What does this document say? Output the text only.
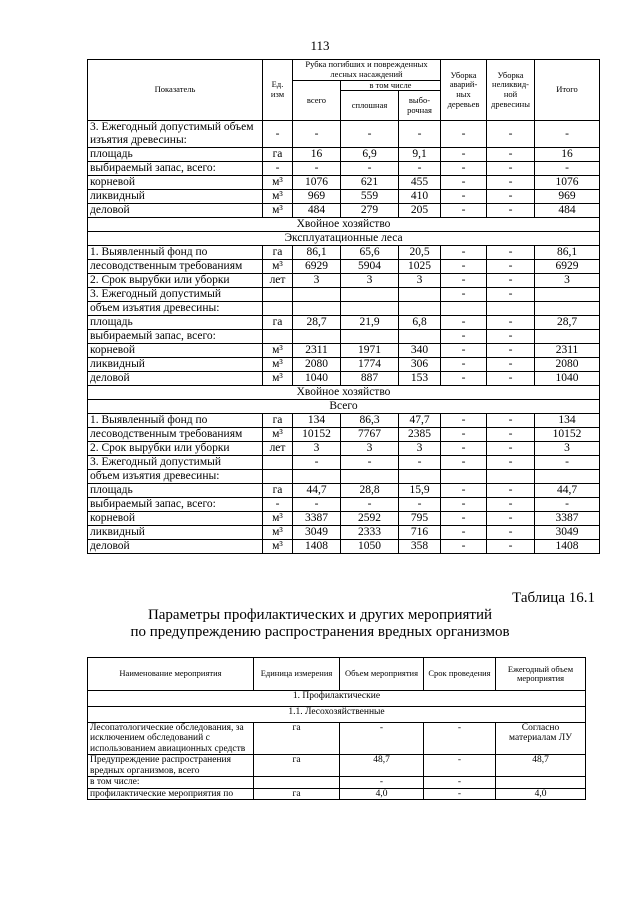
113
Показатель	Ед. изм	Рубка погибших и поврежденных лесных насаждений			Уборка аварий-ных деревьев	Уборка неликвид-ной древесины	Итого
		всего	в том числе				
			сплошная	выбо-рочная			
3. Ежегодный допустимый объем изъятия древесины:	-	-	-	-	-	-	-
площадь	га	16	6,9	9,1	-	-	16
выбираемый запас, всего:	-	-	-	-	-	-	-
корневой	м³	1076	621	455	-	-	1076
ликвидный	м³	969	559	410	-	-	969
деловой	м³	484	279	205	-	-	484
Хвойное хозяйство							
Эксплуатационные леса							
1. Выявленный фонд по	га	86,1	65,6	20,5	-	-	86,1
лесоводственным требованиям	м³	6929	5904	1025	-	-	6929
2. Срок вырубки или уборки	лет	3	3	3	-	-	3
3. Ежегодный допустимый					-	-	
объем изъятия древесины:							
площадь	га	28,7	21,9	6,8	-	-	28,7
выбираемый запас, всего:					-	-	
корневой	м³	2311	1971	340	-	-	2311
ликвидный	м³	2080	1774	306	-	-	2080
деловой	м³	1040	887	153	-	-	1040
Хвойное хозяйство							
Всего							
1. Выявленный фонд по	га	134	86,3	47,7	-	-	134
лесоводственным требованиям	м³	10152	7767	2385	-	-	10152
2. Срок вырубки или уборки	лет	3	3	3	-	-	3
3. Ежегодный допустимый		-	-	-	-	-	-
объем изъятия древесины:							
площадь	га	44,7	28,8	15,9	-	-	44,7
выбираемый запас, всего:	-	-	-	-	-	-	-
корневой	м³	3387	2592	795	-	-	3387
ликвидный	м³	3049	2333	716	-	-	3049
деловой	м³	1408	1050	358	-	-	1408
Таблица 16.1
Параметры профилактических и других мероприятий
по предупреждению распространения вредных организмов
Наименование мероприятия	Единица измерения	Объем мероприятия	Срок проведения	Ежегодный объем мероприятия
1. Профилактические				
1.1. Лесохозяйственные				
Лесопатологические обследования, за исключением обследований с использованием авиационных средств	га	-	-	Согласно материалам ЛУ
Предупреждение распространения вредных организмов, всего	га	48,7	-	48,7
в том числе:		-	-	
профилактические мероприятия по	га	4,0	-	4,0
